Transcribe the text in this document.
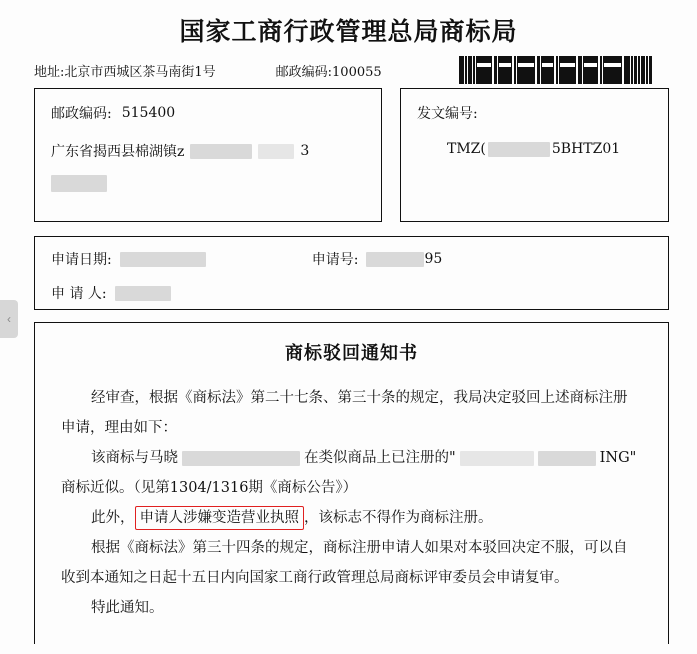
国家工商行政管理总局商标局
地址:北京市西城区茶马南街1号	邮政编码:100055
邮政编码: 515400
广东省揭西县棉湖镇z	3
发文编号:
TMZ(	5BHTZ01
申请日期:	申请号:	95
申 请 人:
商标驳回通知书
经审查，根据《商标法》第二十七条、第三十条的规定，我局决定驳回上述商标注册
申请，理由如下：
该商标与马晓	在类似商品上已注册的"	ING"
商标近似。（见第1304/1316期《商标公告》）
此外， 申请人涉嫌变造营业执照 ，该标志不得作为商标注册。
根据《商标法》第三十四条的规定，商标注册申请人如果对本驳回决定不服，可以自
收到本通知之日起十五日内向国家工商行政管理总局商标评审委员会申请复审。
特此通知。
‹
